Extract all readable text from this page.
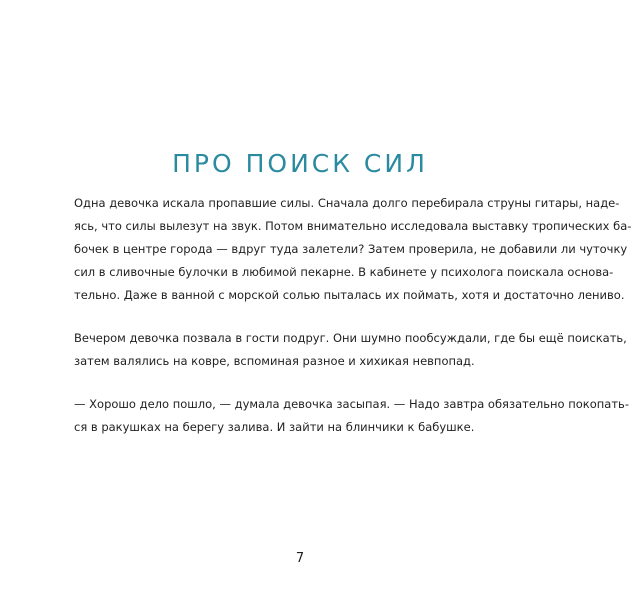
ПРО ПОИСК СИЛ

Одна девочка искала пропавшие силы. Сначала долго перебирала струны гитары, наде-
ясь, что силы вылезут на звук. Потом внимательно исследовала выставку тропических ба-
бочек в центре города — вдруг туда залетели? Затем проверила, не добавили ли чуточку
сил в сливочные булочки в любимой пекарне. В кабинете у психолога поискала основа-
тельно. Даже в ванной с морской солью пыталась их поймать, хотя и достаточно лениво.

Вечером девочка позвала в гости подруг. Они шумно пообсуждали, где бы ещё поискать,
затем валялись на ковре, вспоминая разное и хихикая невпопад.

— Хорошо дело пошло, — думала девочка засыпая. — Надо завтра обязательно покопать-
ся в ракушках на берегу залива. И зайти на блинчики к бабушке.

7
